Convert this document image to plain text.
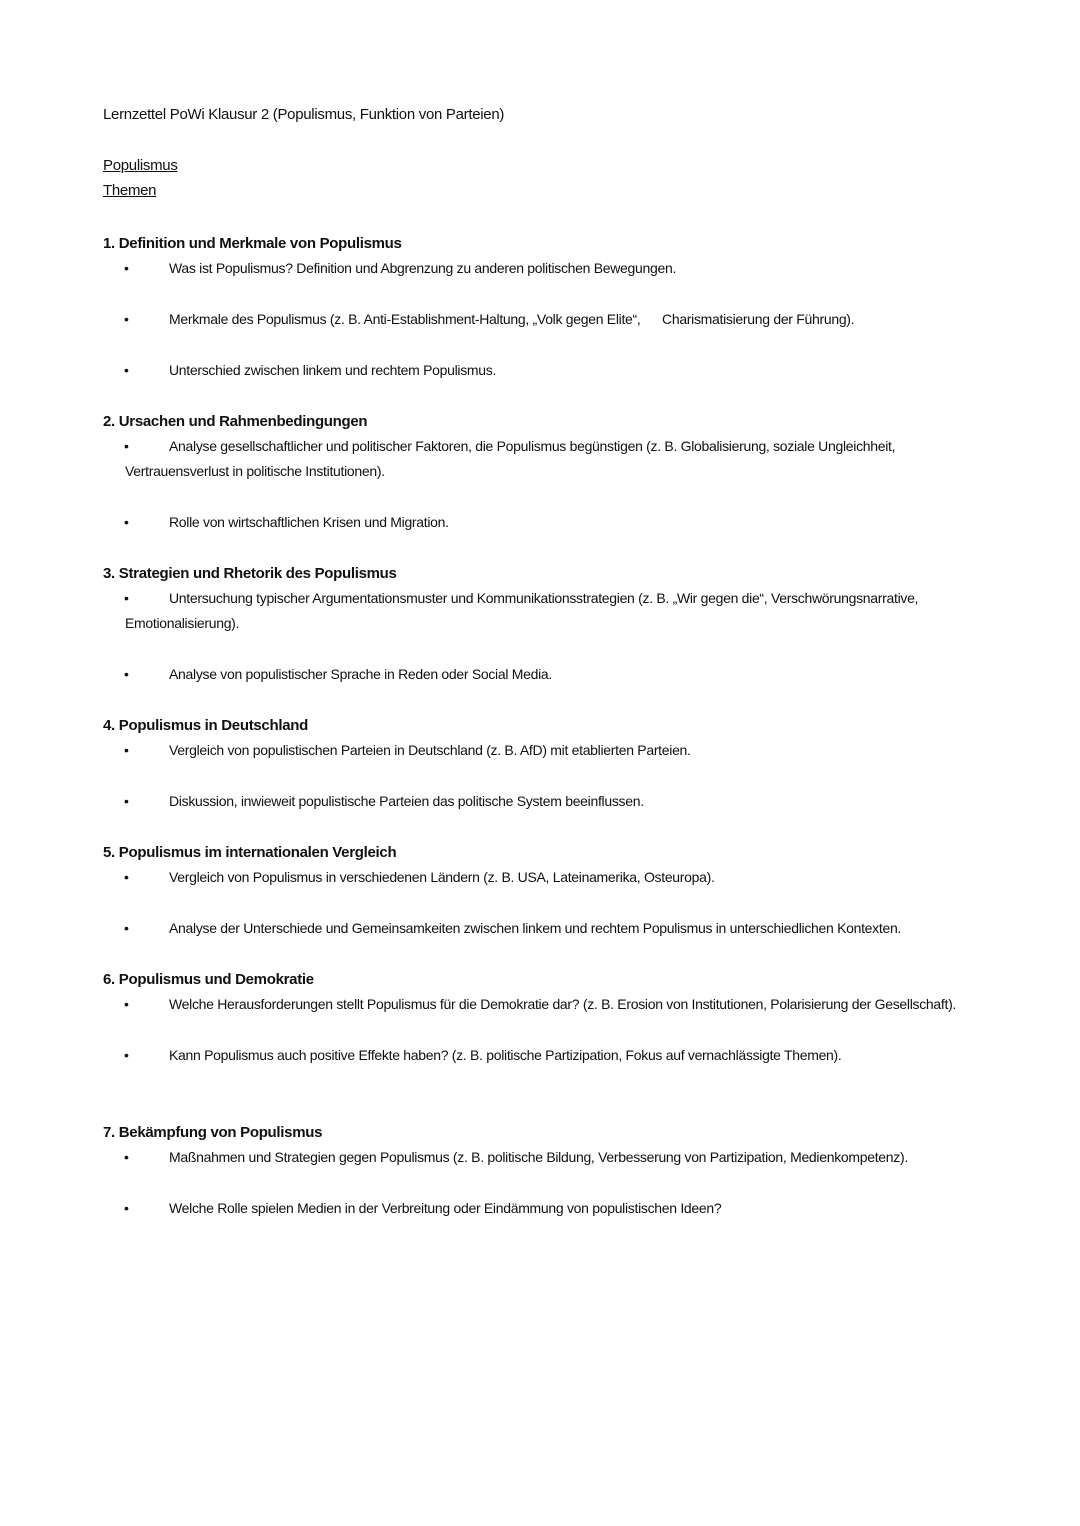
Lernzettel PoWi Klausur 2 (Populismus, Funktion von Parteien)
Populismus
Themen
1. Definition und Merkmale von Populismus
•	Was ist Populismus? Definition und Abgrenzung zu anderen politischen Bewegungen.
•	Merkmale des Populismus (z. B. Anti-Establishment-Haltung, „Volk gegen Elite“,      Charismatisierung der Führung).
•	Unterschied zwischen linkem und rechtem Populismus.
2. Ursachen und Rahmenbedingungen
•	Analyse gesellschaftlicher und politischer Faktoren, die Populismus begünstigen (z. B. Globalisierung, soziale Ungleichheit, Vertrauensverlust in politische Institutionen).
•	Rolle von wirtschaftlichen Krisen und Migration.
3. Strategien und Rhetorik des Populismus
•	Untersuchung typischer Argumentationsmuster und Kommunikationsstrategien (z. B. „Wir gegen die“, Verschwörungsnarrative, Emotionalisierung).
•	Analyse von populistischer Sprache in Reden oder Social Media.
4. Populismus in Deutschland
•	Vergleich von populistischen Parteien in Deutschland (z. B. AfD) mit etablierten Parteien.
•	Diskussion, inwieweit populistische Parteien das politische System beeinflussen.
5. Populismus im internationalen Vergleich
•	Vergleich von Populismus in verschiedenen Ländern (z. B. USA, Lateinamerika, Osteuropa).
•	Analyse der Unterschiede und Gemeinsamkeiten zwischen linkem und rechtem Populismus in unterschiedlichen Kontexten.
6. Populismus und Demokratie
•	Welche Herausforderungen stellt Populismus für die Demokratie dar? (z. B. Erosion von Institutionen, Polarisierung der Gesellschaft).
•	Kann Populismus auch positive Effekte haben? (z. B. politische Partizipation, Fokus auf vernachlässigte Themen).
7. Bekämpfung von Populismus
•	Maßnahmen und Strategien gegen Populismus (z. B. politische Bildung, Verbesserung von Partizipation, Medienkompetenz).
•	Welche Rolle spielen Medien in der Verbreitung oder Eindämmung von populistischen Ideen?
